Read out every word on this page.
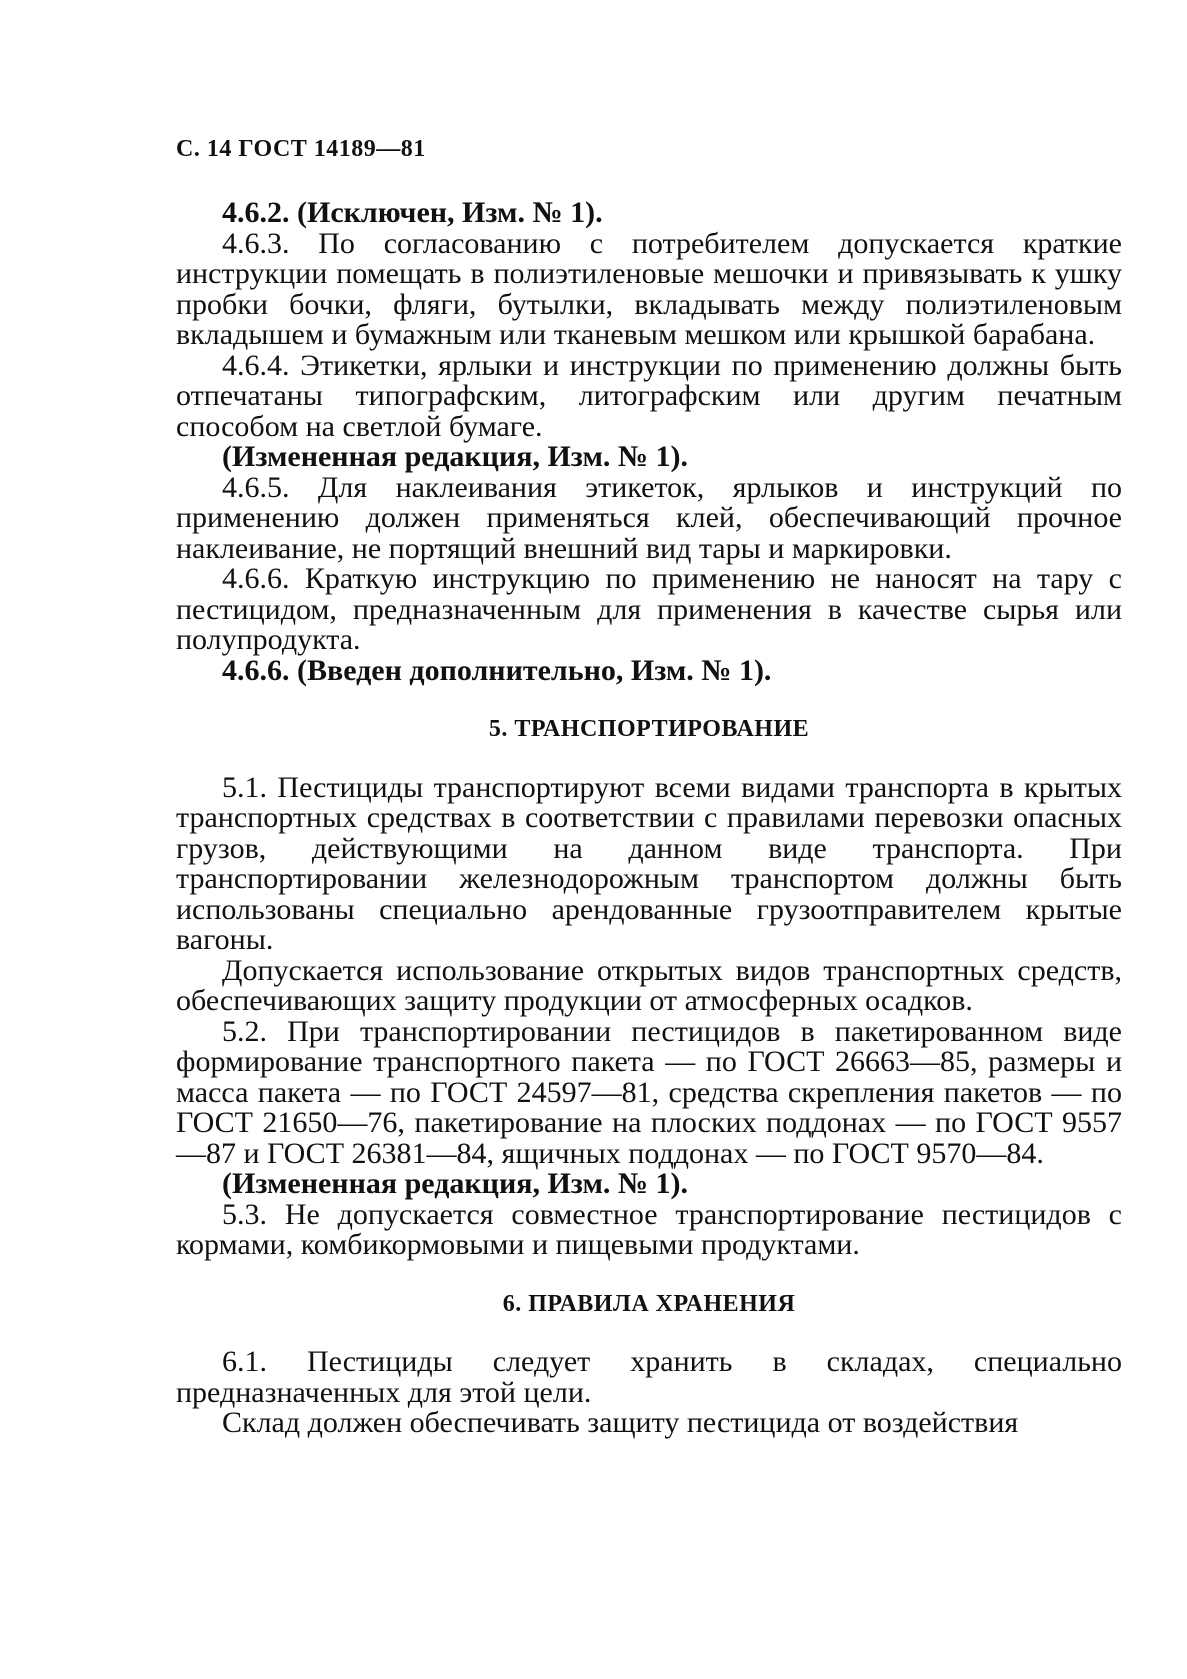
С. 14 ГОСТ 14189—81

4.6.2. (Исключен, Изм. № 1).

4.6.3. По согласованию с потребителем допускается краткие инструкции помещать в полиэтиленовые мешочки и привязывать к ушку пробки бочки, фляги, бутылки, вкладывать между полиэтиленовым вкладышем и бумажным или тканевым мешком или крышкой барабана.

4.6.4. Этикетки, ярлыки и инструкции по применению должны быть отпечатаны типографским, литографским или другим печатным способом на светлой бумаге.

(Измененная редакция, Изм. № 1).

4.6.5. Для наклеивания этикеток, ярлыков и инструкций по применению должен применяться клей, обеспечивающий прочное наклеивание, не портящий внешний вид тары и маркировки.

4.6.6. Краткую инструкцию по применению не наносят на тару с пестицидом, предназначенным для применения в качестве сырья или полупродукта.

4.6.6. (Введен дополнительно, Изм. № 1).

5. ТРАНСПОРТИРОВАНИЕ

5.1. Пестициды транспортируют всеми видами транспорта в крытых транспортных средствах в соответствии с правилами перевозки опасных грузов, действующими на данном виде транспорта. При транспортировании железнодорожным транспортом должны быть использованы специально арендованные грузоотправителем крытые вагоны.

Допускается использование открытых видов транспортных средств, обеспечивающих защиту продукции от атмосферных осадков.

5.2. При транспортировании пестицидов в пакетированном виде формирование транспортного пакета — по ГОСТ 26663—85, размеры и масса пакета — по ГОСТ 24597—81, средства скрепления пакетов — по ГОСТ 21650—76, пакетирование на плоских поддонах — по ГОСТ 9557—87 и ГОСТ 26381—84, ящичных поддонах — по ГОСТ 9570—84.

(Измененная редакция, Изм. № 1).

5.3. Не допускается совместное транспортирование пестицидов с кормами, комбикормовыми и пищевыми продуктами.

6. ПРАВИЛА ХРАНЕНИЯ

6.1. Пестициды следует хранить в складах, специально предназначенных для этой цели.

Склад должен обеспечивать защиту пестицида от воздействия
